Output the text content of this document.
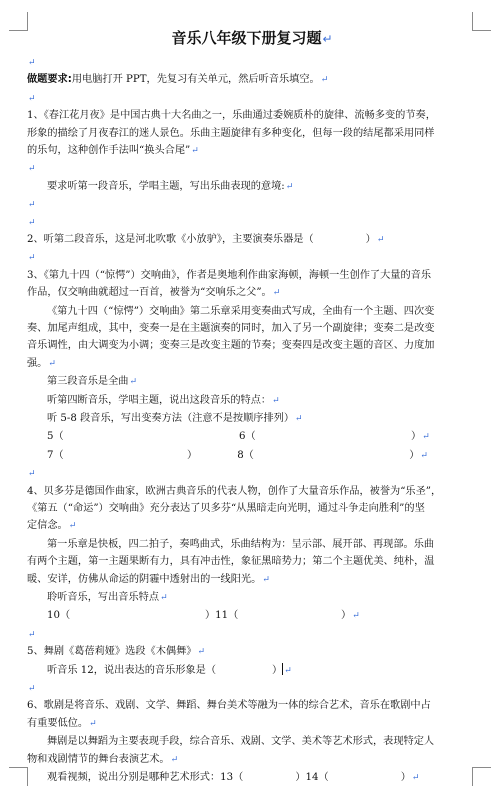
音乐八年级下册复习题↵
↵
做题要求:用电脑打开 PPT，先复习有关单元，然后听音乐填空。↵
↵
1、《春江花月夜》是中国古典十大名曲之一，乐曲通过委婉质朴的旋律、流畅多变的节奏，
形象的描绘了月夜春江的迷人景色。乐曲主题旋律有多种变化，但每一段的结尾都采用同样
的乐句，这种创作手法叫“换头合尾”↵
↵
要求听第一段音乐，学唱主题，写出乐曲表现的意境:↵
↵
↵
2、听第二段音乐，这是河北吹歌《小放驴》，主要演奏乐器是（	）↵
↵
3、《第九十四（“惊愕”）交响曲》，作者是奥地利作曲家海顿，海顿一生创作了大量的音乐
作品，仅交响曲就超过一百首，被誉为“交响乐之父”。↵
《第九十四（“惊愕”）交响曲》第二乐章采用变奏曲式写成，全曲有一个主题、四次变
奏、加尾声组成，其中，变奏一是在主题演奏的同时，加入了另一个副旋律；变奏二是改变
音乐调性，由大调变为小调；变奏三是改变主题的节奏；变奏四是改变主题的音区、力度加
强。↵
第三段音乐是全曲↵
听第四断音乐，学唱主题，说出这段音乐的特点：↵
听 5-8 段音乐，写出变奏方法（注意不是按顺序排列）↵
5（	6（	）↵
7（	）	8（	）↵
↵
4、贝多芬是德国作曲家，欧洲古典音乐的代表人物，创作了大量音乐作品，被誉为“乐圣”，
《第五（“命运”）交响曲》充分表达了贝多芬“从黑暗走向光明，通过斗争走向胜利”的坚
定信念。↵
第一乐章是快板，四二拍子，奏鸣曲式，乐曲结构为：呈示部、展开部、再现部。乐曲
有两个主题，第一主题果断有力，具有冲击性，象征黑暗势力；第二个主题优美、纯朴，温
暖、安详，仿佛从命运的阴霾中透射出的一线阳光。↵
聆听音乐，写出音乐特点↵
10（	）11（	）↵
↵
5、舞剧《葛蓓莉娅》选段《木偶舞》↵
听音乐 12，说出表达的音乐形象是（	） ↵
↵
6、歌剧是将音乐、戏剧、文学、舞蹈、舞台美术等融为一体的综合艺术，音乐在歌剧中占
有重要低位。↵
舞剧是以舞蹈为主要表现手段，综合音乐、戏剧、文学、美术等艺术形式，表现特定人
物和戏剧情节的舞台表演艺术。↵
观看视频，说出分别是哪种艺术形式：13（	）14（	）↵
